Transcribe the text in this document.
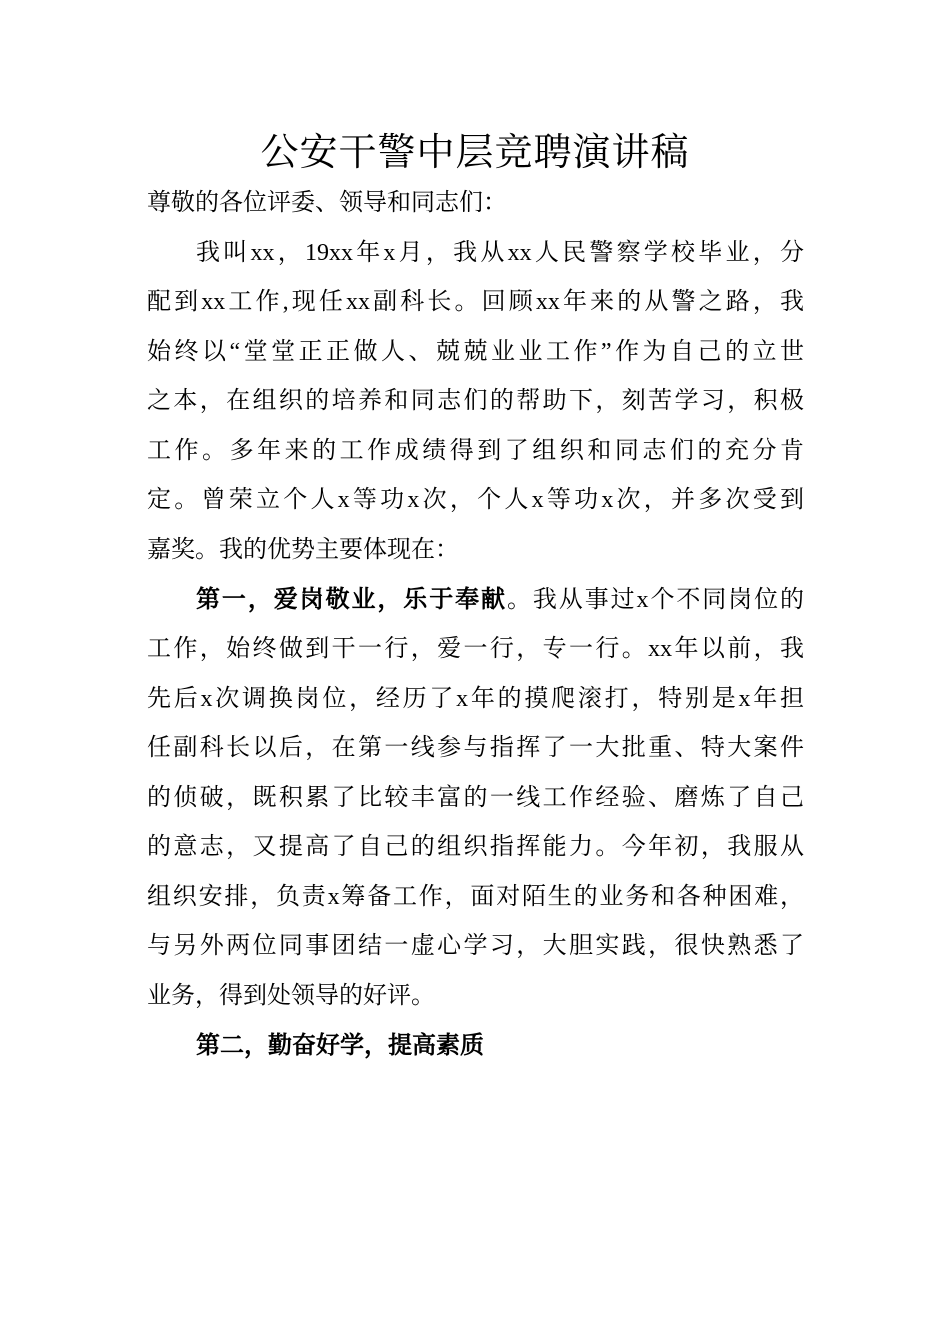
公安干警中层竞聘演讲稿
尊敬的各位评委、领导和同志们：
我叫xx，19xx年x月，我从xx人民警察学校毕业，分
配到xx工作,现任xx副科长。回顾xx年来的从警之路，我
始终以“堂堂正正做人、兢兢业业工作”作为自己的立世
之本，在组织的培养和同志们的帮助下，刻苦学习，积极
工作。多年来的工作成绩得到了组织和同志们的充分肯
定。曾荣立个人x等功x次，个人x等功x次，并多次受到
嘉奖。我的优势主要体现在：
第一，爱岗敬业，乐于奉献。我从事过x个不同岗位的
工作，始终做到干一行，爱一行，专一行。xx年以前，我
先后x次调换岗位，经历了x年的摸爬滚打，特别是x年担
任副科长以后，在第一线参与指挥了一大批重、特大案件
的侦破，既积累了比较丰富的一线工作经验、磨炼了自己
的意志，又提高了自己的组织指挥能力。今年初，我服从
组织安排，负责x筹备工作，面对陌生的业务和各种困难，
与另外两位同事团结一虚心学习，大胆实践，很快熟悉了
业务，得到处领导的好评。
第二，勤奋好学，提高素质
